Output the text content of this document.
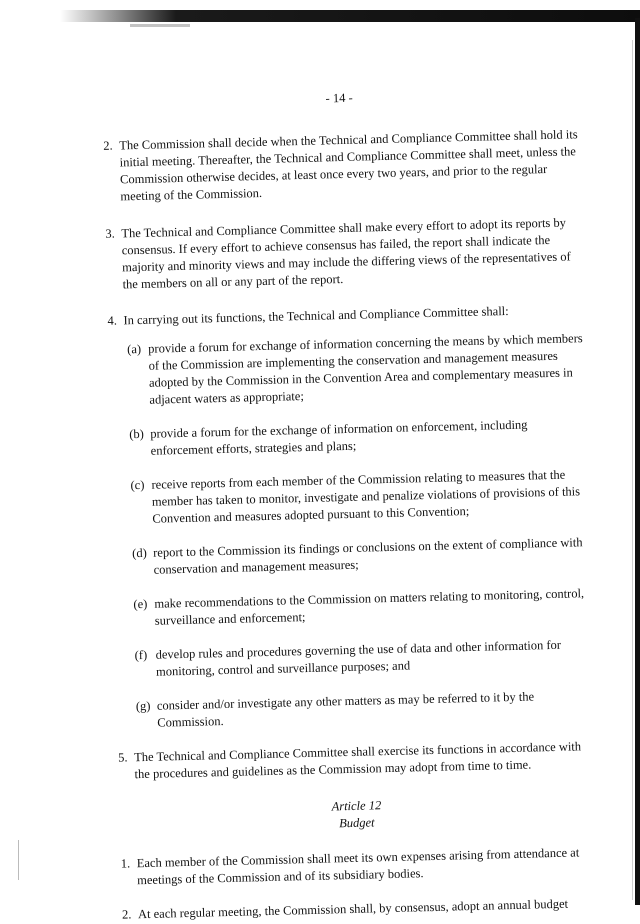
- 14 -
2. The Commission shall decide when the Technical and Compliance Committee shall hold its initial meeting. Thereafter, the Technical and Compliance Committee shall meet, unless the Commission otherwise decides, at least once every two years, and prior to the regular meeting of the Commission.
3. The Technical and Compliance Committee shall make every effort to adopt its reports by consensus. If every effort to achieve consensus has failed, the report shall indicate the majority and minority views and may include the differing views of the representatives of the members on all or any part of the report.
4. In carrying out its functions, the Technical and Compliance Committee shall:
(a) provide a forum for exchange of information concerning the means by which members of the Commission are implementing the conservation and management measures adopted by the Commission in the Convention Area and complementary measures in adjacent waters as appropriate;
(b) provide a forum for the exchange of information on enforcement, including enforcement efforts, strategies and plans;
(c) receive reports from each member of the Commission relating to measures that the member has taken to monitor, investigate and penalize violations of provisions of this Convention and measures adopted pursuant to this Convention;
(d) report to the Commission its findings or conclusions on the extent of compliance with conservation and management measures;
(e) make recommendations to the Commission on matters relating to monitoring, control, surveillance and enforcement;
(f) develop rules and procedures governing the use of data and other information for monitoring, control and surveillance purposes; and
(g) consider and/or investigate any other matters as may be referred to it by the Commission.
5. The Technical and Compliance Committee shall exercise its functions in accordance with the procedures and guidelines as the Commission may adopt from time to time.
Article 12
Budget
1. Each member of the Commission shall meet its own expenses arising from attendance at meetings of the Commission and of its subsidiary bodies.
2. At each regular meeting, the Commission shall, by consensus, adopt an annual budget
